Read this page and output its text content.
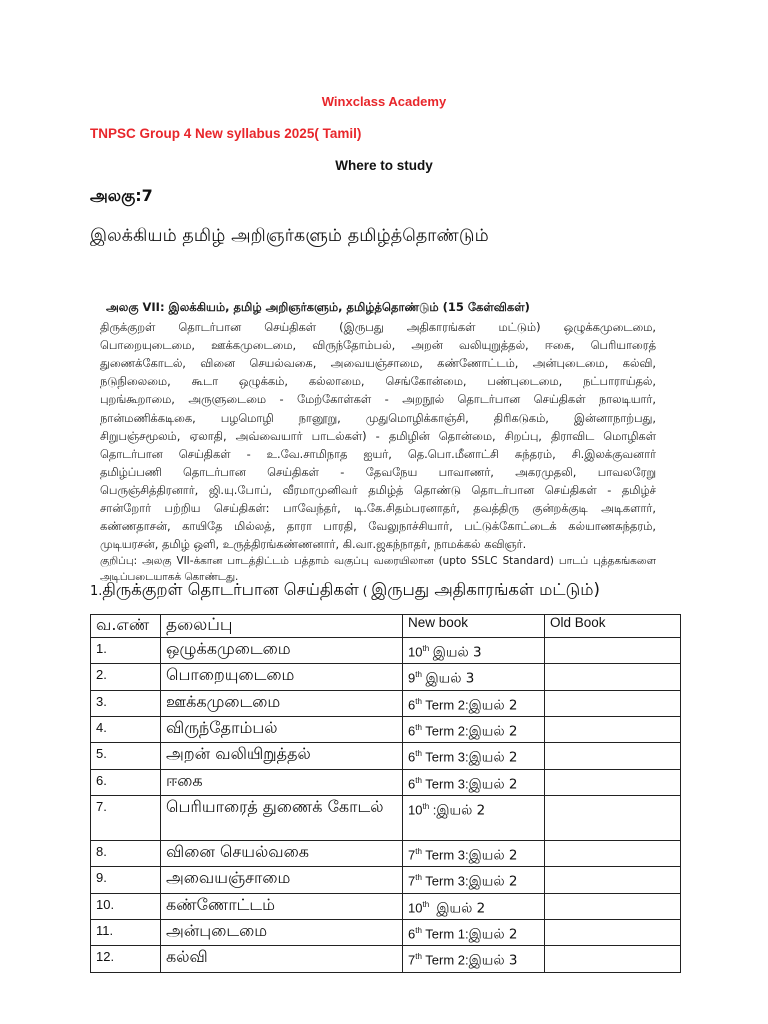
Winxclass Academy
TNPSC Group 4 New syllabus 2025( Tamil)
Where to study
அலகு:7
இலக்கியம் தமிழ் அறிஞர்களும் தமிழ்த்தொண்டும்
அலகு VII: இலக்கியம், தமிழ் அறிஞர்களும், தமிழ்த்தொண்டும் (15 கேள்விகள்)
திருக்குறள் தொடர்பான செய்திகள் (இருபது அதிகாரங்கள் மட்டும்) ஒழுக்கமுடைமை,
பொறையுடைமை, ஊக்கமுடைமை, விருந்தோம்பல், அறன் வலியுறுத்தல், ஈகை, பெரியாரைத்
துணைக்கோடல், வினை செயல்வகை, அவையஞ்சாமை, கண்ணோட்டம், அன்புடைமை, கல்வி,
நடுநிலைமை, கூடா ஒழுக்கம், கல்லாமை, செங்கோன்மை, பண்புடைமை, நட்பாராய்தல்,
புறங்கூறாமை, அருளுடைமை - மேற்கோள்கள் - அறநூல் தொடர்பான செய்திகள் நாலடியார்,
நான்மணிக்கடிகை, பழமொழி நானூறு, முதுமொழிக்காஞ்சி, திரிகடுகம், இன்னாநாற்பது,
சிறுபஞ்சமூலம், ஏலாதி, அவ்வையார் பாடல்கள்) - தமிழின் தொன்மை, சிறப்பு, திராவிட மொழிகள்
தொடர்பான செய்திகள் - உ.வே.சாமிநாத ஐயர், தெ.பொ.மீனாட்சி சுந்தரம், சி.இலக்குவனார்
தமிழ்ப்பணி தொடர்பான செய்திகள் - தேவநேய பாவாணர், அகரமுதலி, பாவலரேறு
பெருஞ்சித்திரனார், ஜி.யு.போப், வீரமாமுனிவர் தமிழ்த் தொண்டு தொடர்பான செய்திகள் - தமிழ்ச்
சான்றோர் பற்றிய செய்திகள்: பாவேந்தர், டி.கே.சிதம்பரனாதர், தவத்திரு குன்றக்குடி அடிகளார்,
கண்ணதாசன், காயிதே மில்லத், தாரா பாரதி, வேலுநாச்சியார், பட்டுக்கோட்டைக் கல்யாணசுந்தரம்,
முடியரசன், தமிழ் ஒளி, உருத்திரங்கண்ணனார், கி.வா.ஜகந்நாதர், நாமக்கல் கவிஞர்.
குறிப்பு: அலகு VII-க்கான பாடத்திட்டம் பத்தாம் வகுப்பு வரையிலான (upto SSLC Standard) பாடப் புத்தகங்களை
அடிப்படையாகக் கொண்டது.
1.திருக்குறள் தொடர்பான செய்திகள் ( இருபது அதிகாரங்கள் மட்டும்)
வ.எண்	தலைப்பு	New book	Old Book
1.	ஒழுக்கமுடைமை	10th இயல் 3	
2.	பொறையுடைமை	9th இயல் 3	
3.	ஊக்கமுடைமை	6th Term 2:இயல் 2	
4.	விருந்தோம்பல்	6th Term 2:இயல் 2	
5.	அறன் வலியிறுத்தல்	6th Term 3:இயல் 2	
6.	ஈகை	6th Term 3:இயல் 2	
7.	பெரியாரைத் துணைக் கோடல்	10th :இயல் 2	
8.	வினை செயல்வகை	7th Term 3:இயல் 2	
9.	அவையஞ்சாமை	7th Term 3:இயல் 2	
10.	கண்ணோட்டம்	10th இயல் 2	
11.	அன்புடைமை	6th Term 1:இயல் 2	
12.	கல்வி	7th Term 2:இயல் 3	
